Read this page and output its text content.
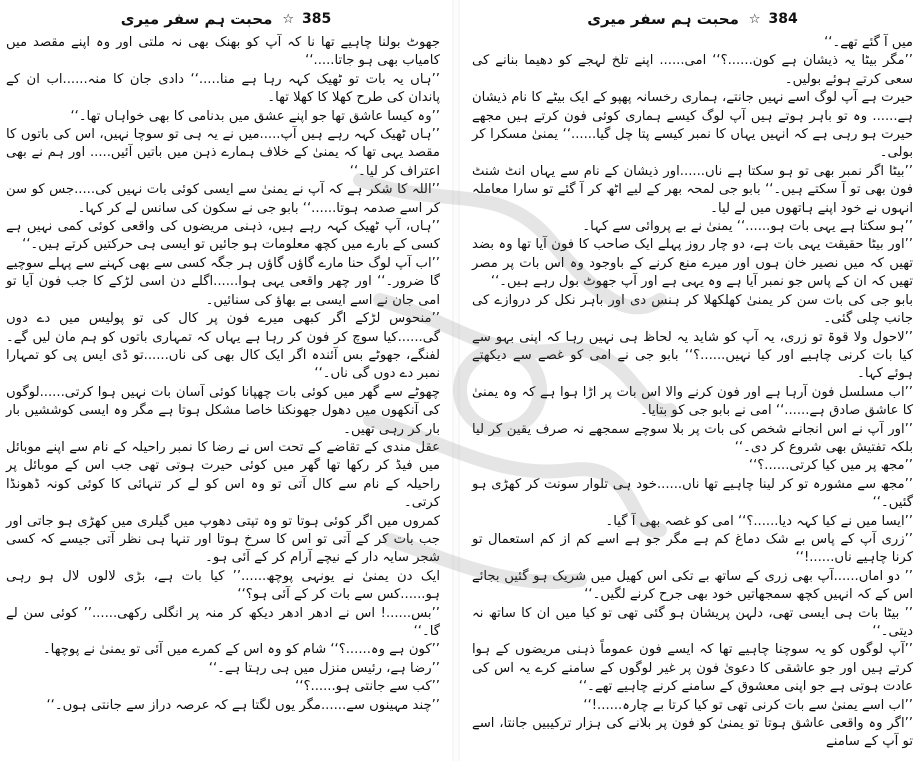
محبت ہم سفر میری ☆ 385

جھوٹ بولنا چاہیے تھا نا کہ آپ کو بھنک بھی نہ ملتی اور وہ اپنے مقصد میں کامیاب بھی ہو جاتا.....‘‘

’’ہاں یہ بات تو ٹھیک کہہ رہا ہے منا.....‘‘ دادی جان کا منہ......اب ان کے پاندان کی طرح کھلا کا کھلا تھا۔

’’وہ کیسا عاشق تھا جو اپنے عشق میں بدنامی کا بھی خواہاں تھا۔‘‘

’’ہاں ٹھیک کہہ رہے ہیں آپ.....میں نے یہ ہی تو سوچا نہیں، اس کی باتوں کا مقصد یہی تھا کہ یمنیٰ کے خلاف ہمارے ذہن میں باتیں آئیں..... اور ہم نے بھی اعتراف کر لیا۔‘‘

’’اللہ کا شکر ہے کہ آپ نے یمنیٰ سے ایسی کوئی بات نہیں کی.....جس کو سن کر اسے صدمہ ہوتا......‘‘ بابو جی نے سکون کی سانس لے کر کہا۔

’’ہاں، آپ ٹھیک کہہ رہے ہیں، ذہنی مریضوں کی واقعی کوئی کمی نہیں ہے کسی کے بارے میں کچھ معلومات ہو جائیں تو ایسی ہی حرکتیں کرتے ہیں۔‘‘

’’اب آپ لوگ حنا مارے گاؤں گاؤں ہر جگہ کسی سے بھی کہنے سے پہلے سوچیے گا ضرور۔‘‘ اور چھر واقعی یہی ہوا......اگلے دن اسی لڑکے کا جب فون آیا تو امی جان نے اسے ایسی بے بھاؤ کی سنائیں۔

’’منحوس لڑکے اگر کبھی میرے فون پر کال کی تو پولیس میں دے دوں گی......کیا سوچ کر فون کر رہا ہے یہاں کہ تمہاری باتوں کو ہم مان لیں گے۔ لفنگے، جھوٹے بس آئندہ اگر ایک کال بھی کی ناں......تو ڈی ایس پی کو تمہارا نمبر دے دوں گی ناں۔‘‘

چھوٹے سے گھر میں کوئی بات چھپانا کوئی آسان بات نہیں ہوا کرتی......لوگوں کی آنکھوں میں دھول جھونکنا خاصا مشکل ہوتا ہے مگر وہ ایسی کوششیں بار بار کر رہی تھیں۔

عقل مندی کے تقاضے کے تحت اس نے رضا کا نمبر راحیلہ کے نام سے اپنے موبائل میں فیڈ کر رکھا تھا گھر میں کوئی حیرت ہوتی تھی جب اس کے موبائل پر راحیلہ کے نام سے کال آتی تو وہ اس کو لے کر تنہائی کا کوئی کونہ ڈھونڈا کرتی۔

کمروں میں اگر کوئی ہوتا تو وہ تپتی دھوپ میں گیلری میں کھڑی ہو جاتی اور جب بات کر کے آتی تو اس کا سرخ ہوتا اور تنہا ہی نظر آتی جیسے کہ کسی شجر سایہ دار کے نیچے آرام کر کے آئی ہو۔

ایک دن یمنیٰ نے یونہی پوچھ......’’ کیا بات ہے، بڑی لالوں لال ہو رہی ہو......کس سے بات کر کے آئی ہو؟‘‘

’’بس......! اس نے ادھر ادھر دیکھ کر منہ پر انگلی رکھی......’’ کوئی سن لے گا۔‘‘

’’کون ہے وہ......؟‘‘ شام کو وہ اس کے کمرے میں آئی تو یمنیٰ نے پوچھا۔

’’رضا ہے، رئیس منزل میں ہی رہتا ہے۔‘‘

’’کب سے جانتی ہو......؟‘‘

’’چند مہینوں سے......مگر یوں لگتا ہے کہ عرصہ دراز سے جانتی ہوں۔‘‘

محبت ہم سفر میری ☆ 384

میں آ گئے تھے۔‘‘

’’مگر بیٹا یہ ذیشان ہے کون......؟‘‘ امی...... اپنے تلخ لہجے کو دھیما بنانے کی سعی کرتے ہوئے بولیں۔

حیرت ہے آپ لوگ اسے نہیں جانتے، ہماری رخسانہ پھپو کے ایک بیٹے کا نام ذیشان ہے...... وہ تو باہر ہوتے ہیں آپ لوگ کیسے ہماری کوئی فون کرتے ہیں مجھے حیرت ہو رہی ہے کہ انہیں یہاں کا نمبر کیسے پتا چل گیا......‘‘ یمنیٰ مسکرا کر بولی۔

’’بیٹا اگر نمبر بھی تو ہو سکتا ہے ناں......اور ذیشان کے نام سے یہاں انٹ شنٹ فون بھی تو آ سکتے ہیں۔‘‘ بابو جی لمحہ بھر کے لیے اٹھ کر آ گئے تو سارا معاملہ انہوں نے خود اپنے ہاتھوں میں لے لیا۔

’’ہو سکتا ہے یہی بات ہو......‘‘ یمنیٰ نے بے پروائی سے کہا۔

’’اور بیٹا حقیقت یہی بات ہے، دو چار روز پہلے ایک صاحب کا فون آیا تھا وہ بضد تھیں کہ میں نصیر خان ہوں اور میرے منع کرنے کے باوجود وہ اس بات پر مصر تھیں کہ ان کے پاس جو نمبر آیا ہے وہ یہی ہے اور آپ جھوٹ بول رہے ہیں۔‘‘

بابو جی کی بات سن کر یمنیٰ کھلکھلا کر ہنس دی اور باہر نکل کر دروازے کی جانب چلی گئی۔

’’لاحول ولا قوۃ تو زری، یہ آپ کو شاید یہ لحاظ ہی نہیں رہا کہ اپنی بہو سے کیا بات کرنی چاہیے اور کیا نہیں......؟‘‘ بابو جی نے امی کو غصے سے دیکھتے ہوئے کہا۔

’’اب مسلسل فون آرہا ہے اور فون کرنے والا اس بات پر اڑا ہوا ہے کہ وہ یمنیٰ کا عاشق صادق ہے......‘‘ امی نے بابو جی کو بتایا۔

’’اور آپ نے اس انجانے شخص کی بات پر بلا سوچے سمجھے نہ صرف یقین کر لیا بلکہ تفتیش بھی شروع کر دی۔‘‘

’’مجھ پر میں کیا کرتی......؟‘‘

’’مجھ سے مشورہ تو کر لینا چاہیے تھا ناں......خود ہی تلوار سونت کر کھڑی ہو گئیں۔‘‘

’’ایسا میں نے کیا کہہ دیا......؟‘‘ امی کو غصہ بھی آ گیا۔

’’زری آپ کے پاس بے شک دماغ کم ہے مگر جو ہے اسے کم از کم استعمال تو کرنا چاہیے ناں......!‘‘

’’ دو اماں......آپ بھی زری کے ساتھ بے تکی اس کھیل میں شریک ہو گئیں بجائے اس کے کہ انہیں کچھ سمجھاتیں خود بھی جرح کرنے لگیں۔‘‘

’’ بیٹا بات ہی ایسی تھی، دلہن پریشان ہو گئی تھی تو کیا میں ان کا ساتھ نہ دیتی۔‘‘

’’آپ لوگوں کو یہ سوچنا چاہیے تھا کہ ایسے فون عموماً ذہنی مریضوں کے ہوا کرتے ہیں اور جو عاشقی کا دعویٰ فون پر غیر لوگوں کے سامنے کرے یہ اس کی عادت ہوتی ہے جو اپنی معشوق کے سامنے کرنے چاہیے تھے۔‘‘

’’اب اسے یمنیٰ سے بات کرنی تھی تو کیا کرتا بے چارہ......!‘‘

’’اگر وہ واقعی عاشق ہوتا تو یمنیٰ کو فون پر بلانے کی ہزار ترکیبیں جانتا، اسے تو آپ کے سامنے
